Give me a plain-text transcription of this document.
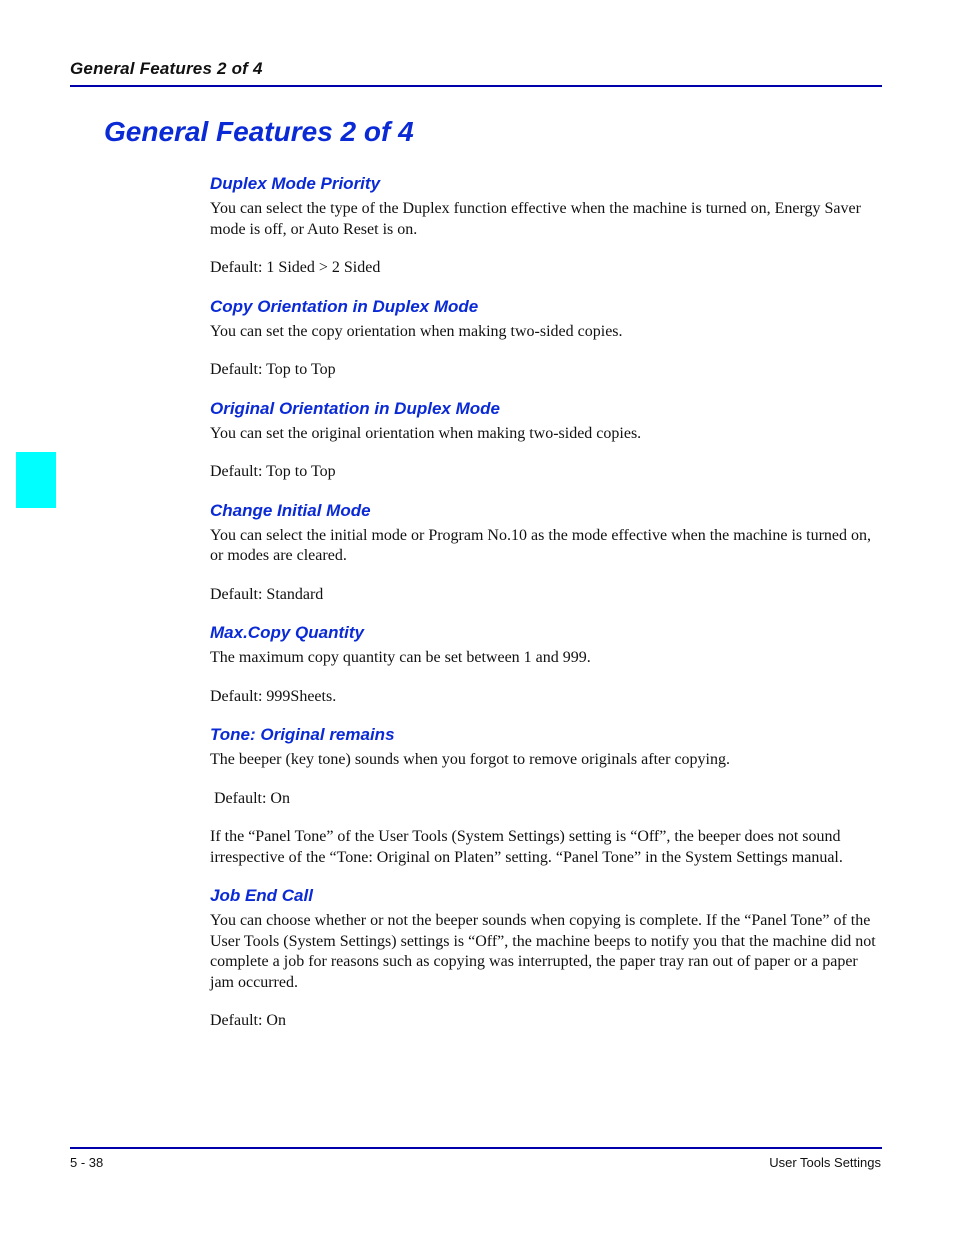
General Features 2 of 4
General Features 2 of 4
Duplex Mode Priority

You can select the type of the Duplex function effective when the machine is turned on, Energy Saver mode is off, or Auto Reset is on.

Default: 1 Sided > 2 Sided

Copy Orientation in Duplex Mode

You can set the copy orientation when making two-sided copies.

Default: Top to Top

Original Orientation in Duplex Mode

You can set the original orientation when making two-sided copies.

Default: Top to Top

Change Initial Mode

You can select the initial mode or Program No.10 as the mode effective when the machine is turned on, or modes are cleared.

Default: Standard

Max.Copy Quantity

The maximum copy quantity can be set between 1 and 999.

Default: 999Sheets.

Tone: Original remains

The beeper (key tone) sounds when you forgot to remove originals after copying.

Default: On

If the “Panel Tone” of the User Tools (System Settings) setting is “Off”, the beeper does not sound irrespective of the “Tone: Original on Platen” setting. “Panel Tone” in the System Settings manual.

Job End Call

You can choose whether or not the beeper sounds when copying is complete. If the “Panel Tone” of the User Tools (System Settings) settings is “Off”, the machine beeps to notify you that the machine did not complete a job for reasons such as copying was interrupted, the paper tray ran out of paper or a paper jam occurred.

Default: On

5 - 38	User Tools Settings
